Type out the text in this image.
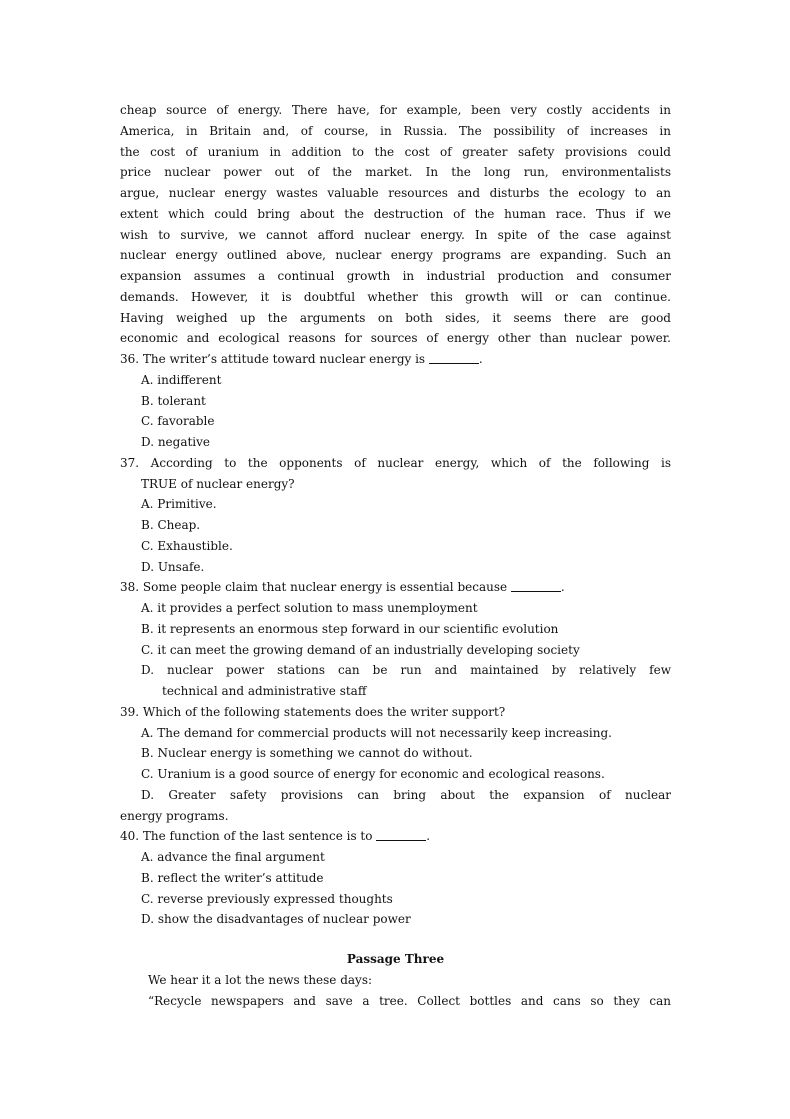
cheap source of energy. There have, for example, been very costly accidents in
America, in Britain and, of course, in Russia. The possibility of increases in
the cost of uranium in addition to the cost of greater safety provisions could
price nuclear power out of the market. In the long run, environmentalists
argue, nuclear energy wastes valuable resources and disturbs the ecology to an
extent which could bring about the destruction of the human race. Thus if we
wish to survive, we cannot afford nuclear energy. In spite of the case against
nuclear energy outlined above, nuclear energy programs are expanding. Such an
expansion assumes a continual growth in industrial production and consumer
demands. However, it is doubtful whether this growth will or can continue.
Having weighed up the arguments on both sides, it seems there are good
economic and ecological reasons for sources of energy other than nuclear power.
36. The writer’s attitude toward nuclear energy is	.
A. indifferent
B. tolerant
C. favorable
D. negative
37. According to the opponents of nuclear energy, which of the following is
TRUE of nuclear energy?
A. Primitive.
B. Cheap.
C. Exhaustible.
D. Unsafe.
38. Some people claim that nuclear energy is essential because	.
A. it provides a perfect solution to mass unemployment
B. it represents an enormous step forward in our scientific evolution
C. it can meet the growing demand of an industrially developing society
D. nuclear power stations can be run and maintained by relatively few
technical and administrative staff
39. Which of the following statements does the writer support?
A. The demand for commercial products will not necessarily keep increasing.
B. Nuclear energy is something we cannot do without.
C. Uranium is a good source of energy for economic and ecological reasons.
D. Greater safety provisions can bring about the expansion of nuclear
energy programs.
40. The function of the last sentence is to	.
A. advance the final argument
B. reflect the writer’s attitude
C. reverse previously expressed thoughts
D. show the disadvantages of nuclear power
Passage Three
We hear it a lot the news these days:
“Recycle newspapers and save a tree. Collect bottles and cans so they can
